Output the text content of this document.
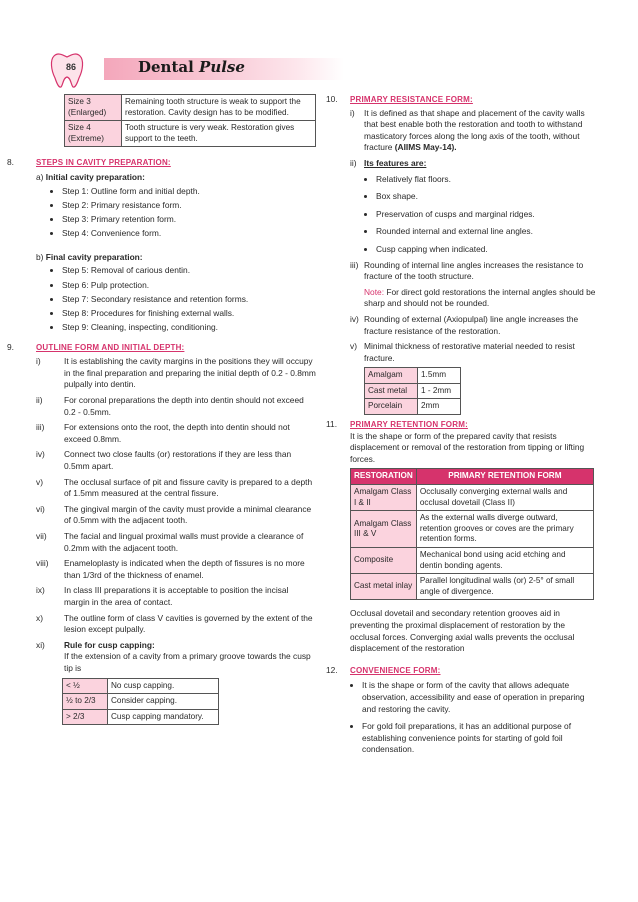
86	Dental Pulse
Size 3 (Enlarged)	Remaining tooth structure is weak to support the restoration. Cavity design has to be modified.
Size 4 (Extreme)	Tooth structure is very weak. Restoration gives support to the teeth.
8.	STEPS IN CAVITY PREPARATION:
a) Initial cavity preparation:
• Step 1: Outline form and initial depth.
• Step 2: Primary resistance form.
• Step 3: Primary retention form.
• Step 4: Convenience form.
b) Final cavity preparation:
• Step 5: Removal of carious dentin.
• Step 6: Pulp protection.
• Step 7: Secondary resistance and retention forms.
• Step 8: Procedures for finishing external walls.
• Step 9: Cleaning, inspecting, conditioning.
9.	OUTLINE FORM AND INITIAL DEPTH:
i)	It is establishing the cavity margins in the positions they will occupy in the final preparation and preparing the initial depth of 0.2 - 0.8mm pulpally into dentin.
ii)	For coronal preparations the depth into dentin should not exceed 0.2 - 0.5mm.
iii) For extensions onto the root, the depth into dentin should not exceed 0.8mm.
iv) Connect two close faults (or) restorations if they are less than 0.5mm apart.
v)	The occlusal surface of pit and fissure cavity is prepared to a depth of 1.5mm measured at the central fissure.
vi) The gingival margin of the cavity must provide a minimal clearance of 0.5mm with the adjacent tooth.
vii) The facial and lingual proximal walls must provide a clearance of 0.2mm with the adjacent tooth.
viii) Enameloplasty is indicated when the depth of fissures is no more than 1/3rd of the thickness of enamel.
ix) In class III preparations it is acceptable to position the incisal margin in the area of contact.
x)	The outline form of class V cavities is governed by the extent of the lesion except pulpally.
xi) Rule for cusp capping:
If the extension of a cavity from a primary groove towards the cusp tip is
< ½	No cusp capping.
½ to 2/3	Consider capping.
> 2/3	Cusp capping mandatory.
10. PRIMARY RESISTANCE FORM:
i) It is defined as that shape and placement of the cavity walls that best enable both the restoration and tooth to withstand masticatory forces along the long axis of the tooth, without fracture (AIIMS May-14).
ii) Its features are:
• Relatively flat floors.
• Box shape.
• Preservation of cusps and marginal ridges.
• Rounded internal and external line angles.
• Cusp capping when indicated.
iii) Rounding of internal line angles increases the resistance to fracture of the tooth structure.
Note: For direct gold restorations the internal angles should be sharp and should not be rounded.
iv) Rounding of external (Axiopulpal) line angle increases the fracture resistance of the restoration.
v) Minimal thickness of restorative material needed to resist fracture.
Amalgam	1.5mm
Cast metal	1 - 2mm
Porcelain	2mm
11. PRIMARY RETENTION FORM:
It is the shape or form of the prepared cavity that resists displacement or removal of the restoration from tipping or lifting forces.
RESTORATION	PRIMARY RETENTION FORM
Amalgam Class I & II	Occlusally converging external walls and occlusal dovetail (Class II)
Amalgam Class III & V	As the external walls diverge outward, retention grooves or coves are the primary retention forms.
Composite	Mechanical bond using acid etching and dentin bonding agents.
Cast metal inlay	Parallel longitudinal walls (or) 2-5° of small angle of divergence.
Occlusal dovetail and secondary retention grooves aid in preventing the proximal displacement of restoration by the occlusal forces. Converging axial walls prevents the occlusal displacement of the restoration
12. CONVENIENCE FORM:
• It is the shape or form of the cavity that allows adequate observation, accessibility and ease of operation in preparing and restoring the cavity.
• For gold foil preparations, it has an additional purpose of establishing convenience points for starting of gold foil condensation.
